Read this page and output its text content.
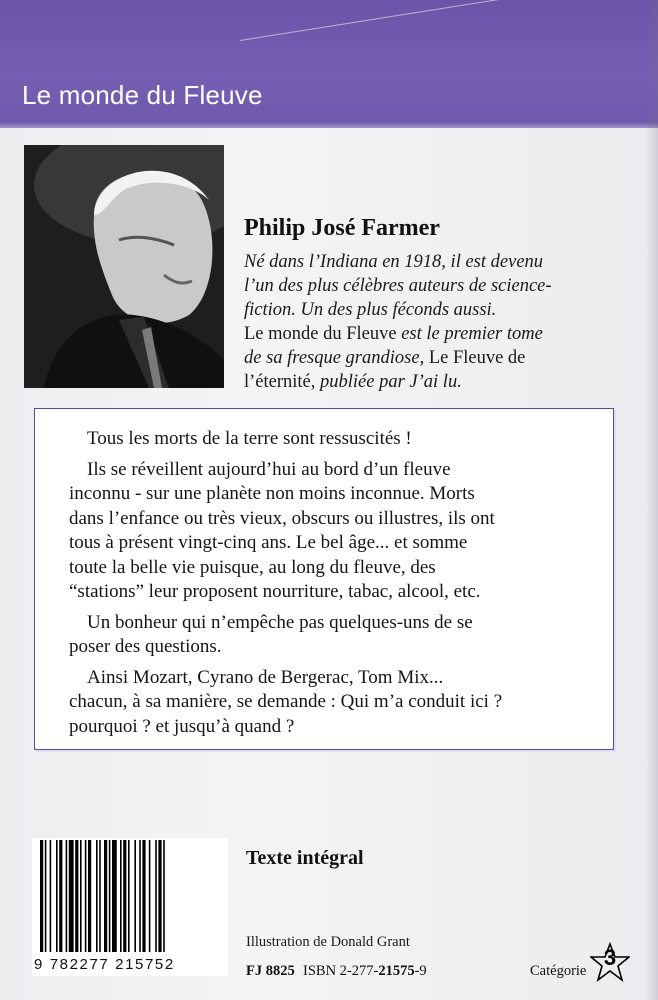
Le monde du Fleuve
Philip José Farmer
Né dans l’Indiana en 1918, il est devenu
l’un des plus célèbres auteurs de science-
fiction. Un des plus féconds aussi.
Le monde du Fleuve est le premier tome
de sa fresque grandiose, Le Fleuve de
l’éternité, publiée par J’ai lu.
Tous les morts de la terre sont ressuscités !
Ils se réveillent aujourd’hui au bord d’un fleuve
inconnu - sur une planète non moins inconnue. Morts
dans l’enfance ou très vieux, obscurs ou illustres, ils ont
tous à présent vingt-cinq ans. Le bel âge... et somme
toute la belle vie puisque, au long du fleuve, des
“stations” leur proposent nourriture, tabac, alcool, etc.
Un bonheur qui n’empêche pas quelques-uns de se
poser des questions.
Ainsi Mozart, Cyrano de Bergerac, Tom Mix...
chacun, à sa manière, se demande : Qui m’a conduit ici ?
pourquoi ? et jusqu’à quand ?
9 782277 215752
Texte intégral
Illustration de Donald Grant
FJ 8825 ISBN 2-277-21575-9	Catégorie
3
